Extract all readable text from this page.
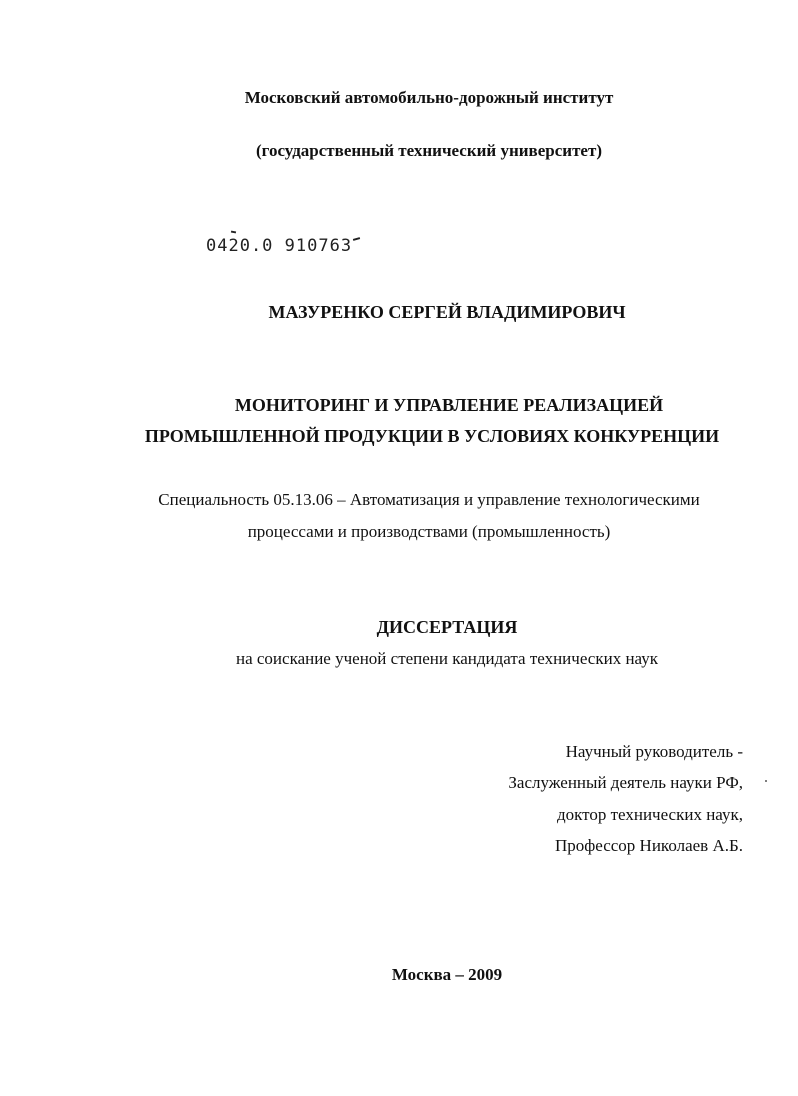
Московский автомобильно-дорожный институт
(государственный технический университет)
0420.0 910763
МАЗУРЕНКО СЕРГЕЙ ВЛАДИМИРОВИЧ
МОНИТОРИНГ И УПРАВЛЕНИЕ РЕАЛИЗАЦИЕЙ
ПРОМЫШЛЕННОЙ ПРОДУКЦИИ В УСЛОВИЯХ КОНКУРЕНЦИИ
Специальность 05.13.06 – Автоматизация и управление технологическими
процессами и производствами (промышленность)
ДИССЕРТАЦИЯ
на соискание ученой степени кандидата технических наук
Научный руководитель -
Заслуженный деятель науки РФ,
доктор технических наук,
Профессор Николаев А.Б.
Москва – 2009
